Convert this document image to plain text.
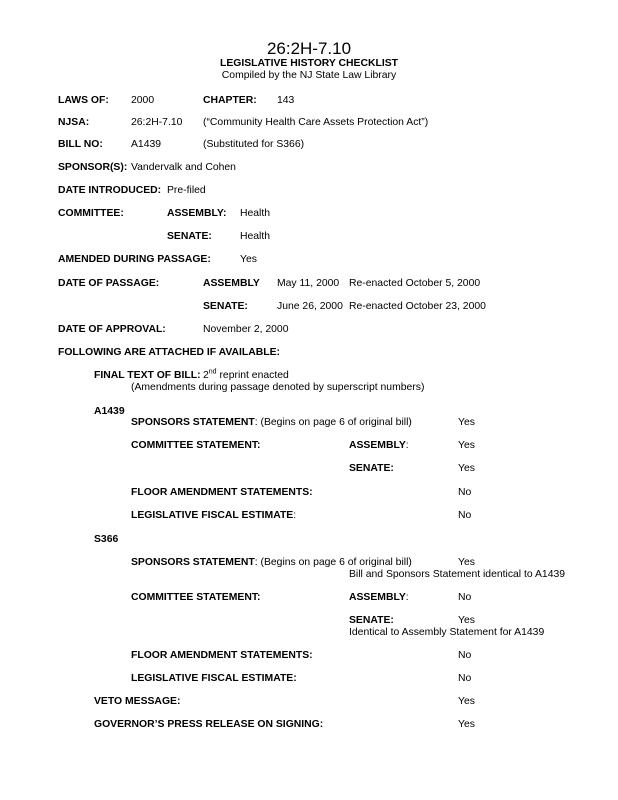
26:2H-7.10
LEGISLATIVE HISTORY CHECKLIST
Compiled by the NJ State Law Library
LAWS OF: 2000	CHAPTER: 143
NJSA:	26:2H-7.10 (“Community Health Care Assets Protection Act”)
BILL NO:	A1439	(Substituted for S366)
SPONSOR(S): Vandervalk and Cohen
DATE INTRODUCED: Pre-filed
COMMITTEE:	ASSEMBLY: Health
SENATE:	Health
AMENDED DURING PASSAGE:	Yes
DATE OF PASSAGE:	ASSEMBLY May 11, 2000 Re-enacted October 5, 2000
SENATE:	June 26, 2000 Re-enacted October 23, 2000
DATE OF APPROVAL:	November 2, 2000
FOLLOWING ARE ATTACHED IF AVAILABLE:
FINAL TEXT OF BILL: 2nd reprint enacted
(Amendments during passage denoted by superscript numbers)
A1439
SPONSORS STATEMENT: (Begins on page 6 of original bill)	Yes
COMMITTEE STATEMENT:	ASSEMBLY:	Yes
SENATE:	Yes
FLOOR AMENDMENT STATEMENTS:	No
LEGISLATIVE FISCAL ESTIMATE:	No
S366
SPONSORS STATEMENT: (Begins on page 6 of original bill)	Yes
Bill and Sponsors Statement identical to A1439
COMMITTEE STATEMENT:	ASSEMBLY:	No
SENATE:	Yes
Identical to Assembly Statement for A1439
FLOOR AMENDMENT STATEMENTS:	No
LEGISLATIVE FISCAL ESTIMATE:	No
VETO MESSAGE:	Yes
GOVERNOR’S PRESS RELEASE ON SIGNING:	Yes
